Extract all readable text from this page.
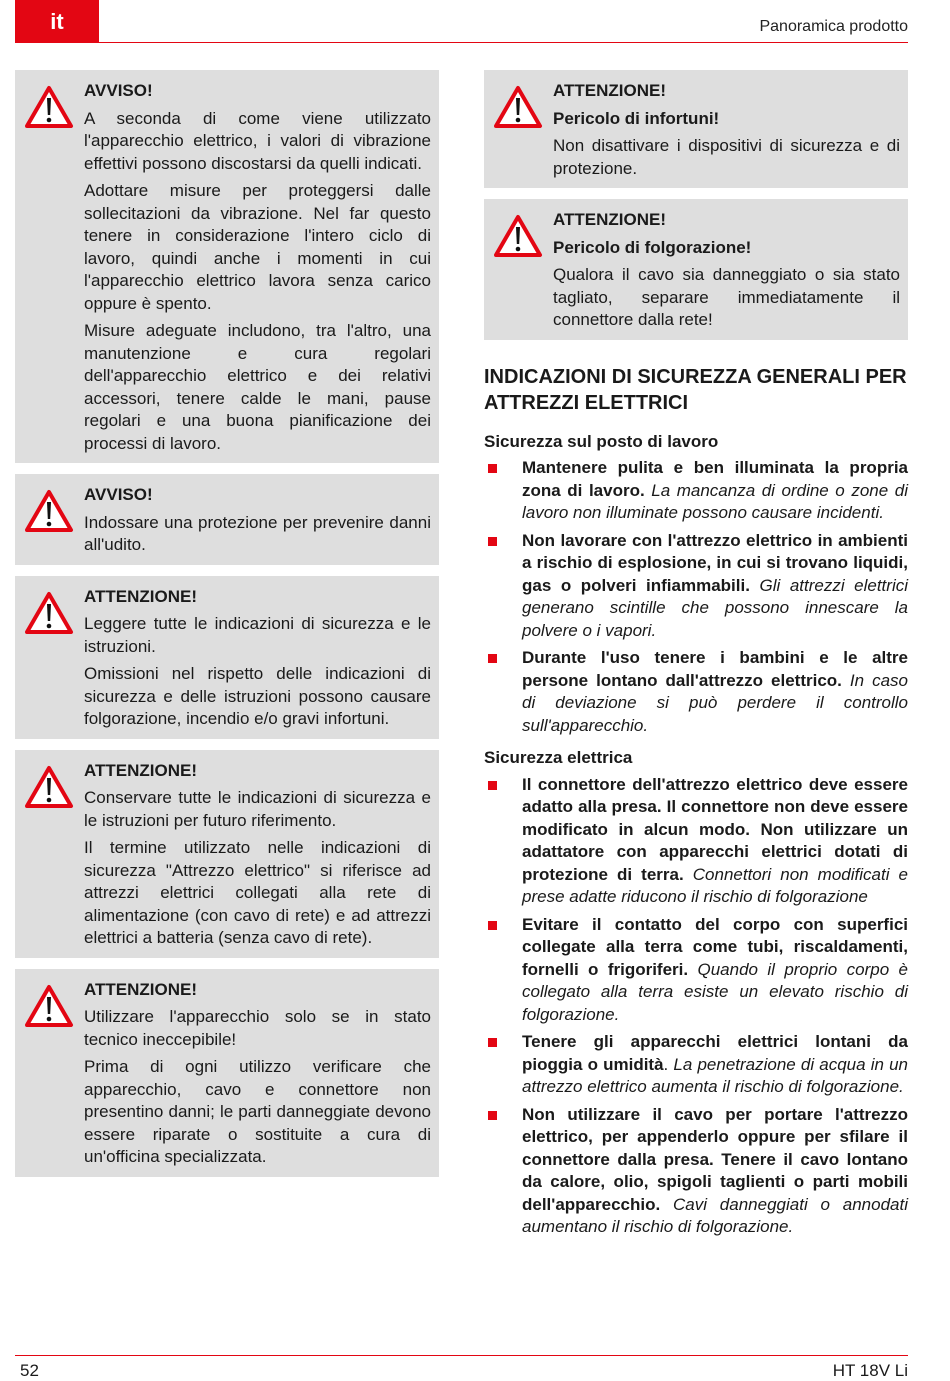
it	Panoramica prodotto
AVVISO!
A seconda di come viene utilizzato l'apparecchio elettrico, i valori di vibrazione effettivi possono discostarsi da quelli indicati.
Adottare misure per proteggersi dalle sollecitazioni da vibrazione. Nel far questo tenere in considerazione l'intero ciclo di lavoro, quindi anche i momenti in cui l'apparecchio elettrico lavora senza carico oppure è spento.
Misure adeguate includono, tra l'altro, una manutenzione e cura regolari dell'apparecchio elettrico e dei relativi accessori, tenere calde le mani, pause regolari e una buona pianificazione dei processi di lavoro.
AVVISO!
Indossare una protezione per prevenire danni all'udito.
ATTENZIONE!
Leggere tutte le indicazioni di sicurezza e le istruzioni.
Omissioni nel rispetto delle indicazioni di sicurezza e delle istruzioni possono causare folgorazione, incendio e/o gravi infortuni.
ATTENZIONE!
Conservare tutte le indicazioni di sicurezza e le istruzioni per futuro riferimento.
Il termine utilizzato nelle indicazioni di sicurezza "Attrezzo elettrico" si riferisce ad attrezzi elettrici collegati alla rete di alimentazione (con cavo di rete) e ad attrezzi elettrici a batteria (senza cavo di rete).
ATTENZIONE!
Utilizzare l'apparecchio solo se in stato tecnico ineccepibile!
Prima di ogni utilizzo verificare che apparecchio, cavo e connettore non presentino danni; le parti danneggiate devono essere riparate o sostituite a cura di un'officina specializzata.
ATTENZIONE!
Pericolo di infortuni!
Non disattivare i dispositivi di sicurezza e di protezione.
ATTENZIONE!
Pericolo di folgorazione!
Qualora il cavo sia danneggiato o sia stato tagliato, separare immediatamente il connettore dalla rete!
INDICAZIONI DI SICUREZZA GENERALI PER ATTREZZI ELETTRICI
Sicurezza sul posto di lavoro
Mantenere pulita e ben illuminata la propria zona di lavoro. La mancanza di ordine o zone di lavoro non illuminate possono causare incidenti.
Non lavorare con l'attrezzo elettrico in ambienti a rischio di esplosione, in cui si trovano liquidi, gas o polveri infiammabili. Gli attrezzi elettrici generano scintille che possono innescare la polvere o i vapori.
Durante l'uso tenere i bambini e le altre persone lontano dall'attrezzo elettrico. In caso di deviazione si può perdere il controllo sull'apparecchio.
Sicurezza elettrica
Il connettore dell'attrezzo elettrico deve essere adatto alla presa. Il connettore non deve essere modificato in alcun modo. Non utilizzare un adattatore con apparecchi elettrici dotati di protezione di terra. Connettori non modificati e prese adatte riducono il rischio di folgorazione
Evitare il contatto del corpo con superfici collegate alla terra come tubi, riscaldamenti, fornelli o frigoriferi. Quando il proprio corpo è collegato alla terra esiste un elevato rischio di folgorazione.
Tenere gli apparecchi elettrici lontani da pioggia o umidità. La penetrazione di acqua in un attrezzo elettrico aumenta il rischio di folgorazione.
Non utilizzare il cavo per portare l'attrezzo elettrico, per appenderlo oppure per sfilare il connettore dalla presa. Tenere il cavo lontano da calore, olio, spigoli taglienti o parti mobili dell'apparecchio. Cavi danneggiati o annodati aumentano il rischio di folgorazione.
52	HT 18V Li
